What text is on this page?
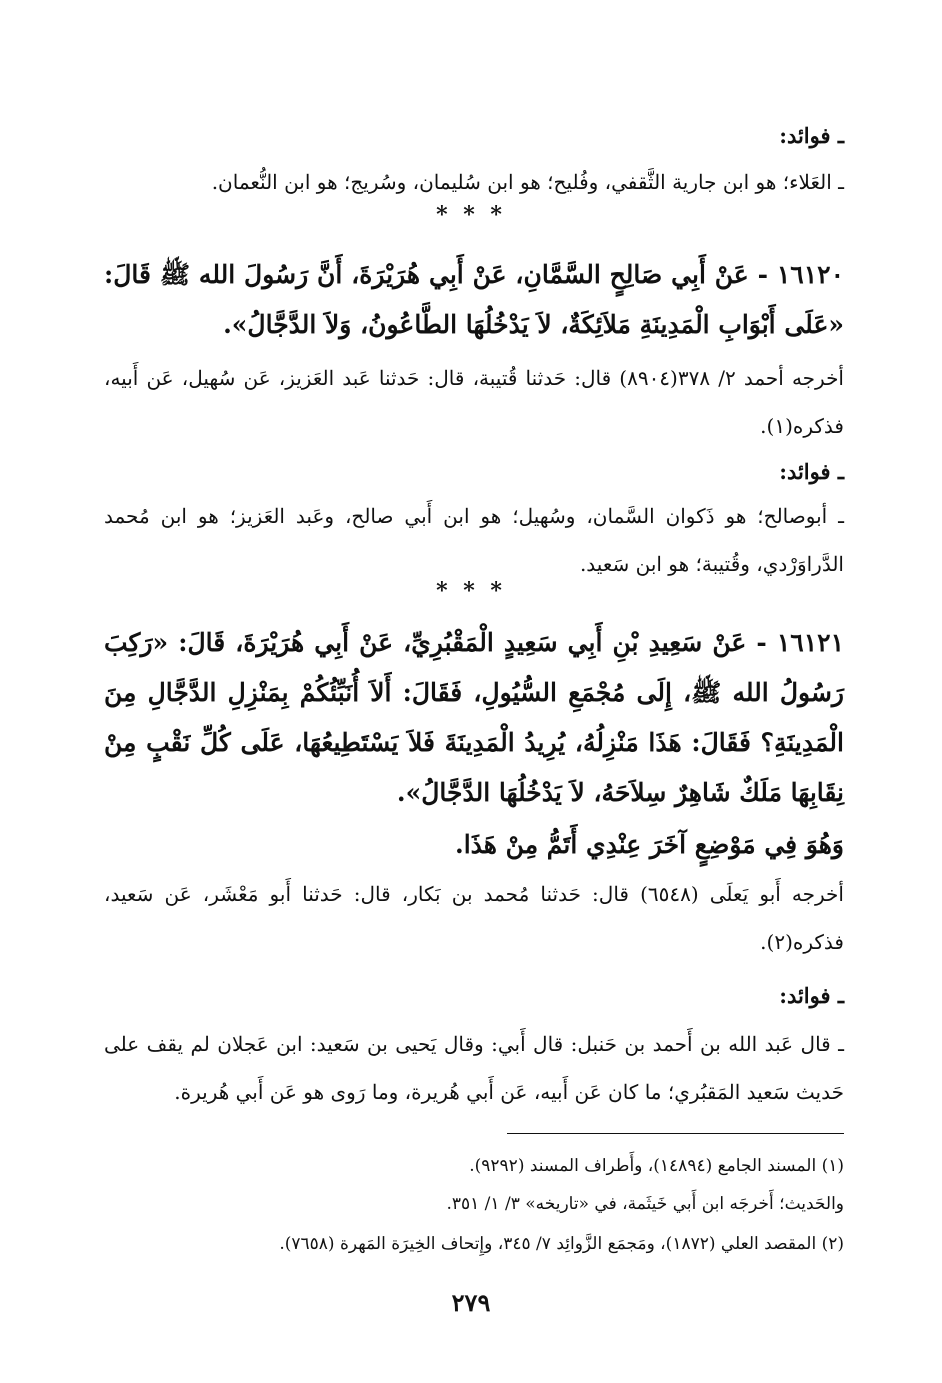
ـ فوائد:
ـ العَلاء؛ هو ابن جارية الثَّقفي، وفُليح؛ هو ابن سُليمان، وسُريج؛ هو ابن النُّعمان.
* * *
١٦١٢٠ - عَنْ أَبِي صَالِحٍ السَّمَّانِ، عَنْ أَبِي هُرَيْرَةَ، أَنَّ رَسُولَ الله ﷺ قَالَ: «عَلَى أَبْوَابِ الْمَدِينَةِ مَلاَئِكَةٌ، لاَ يَدْخُلُهَا الطَّاعُونُ، وَلاَ الدَّجَّالُ».
أخرجه أحمد ٢/ ٣٧٨(٨٩٠٤) قال: حَدثنا قُتيبة، قال: حَدثنا عَبد العَزيز، عَن سُهيل، عَن أَبيه، فذكره(١).
ـ فوائد:
ـ أبوصالح؛ هو ذَكوان السَّمان، وسُهيل؛ هو ابن أَبي صالح، وعَبد العَزيز؛ هو ابن مُحمد الدَّراوَرْدي، وقُتيبة؛ هو ابن سَعيد.
* * *
١٦١٢١ - عَنْ سَعِيدِ بْنِ أَبِي سَعِيدٍ الْمَقْبُرِيِّ، عَنْ أَبِي هُرَيْرَةَ، قَالَ: «رَكِبَ رَسُولُ الله ﷺ، إِلَى مُجْمَعِ السُّيُولِ، فَقَالَ: أَلاَ أُنَبِّئُكُمْ بِمَنْزِلِ الدَّجَّالِ مِنَ الْمَدِينَةِ؟ فَقَالَ: هَذَا مَنْزِلُهُ، يُرِيدُ الْمَدِينَةَ فَلاَ يَسْتَطِيعُهَا، عَلَى كُلِّ نَقْبٍ مِنْ نِقَابِهَا مَلَكٌ شَاهِرٌ سِلاَحَهُ، لاَ يَدْخُلُهَا الدَّجَّالُ».
وَهُوَ فِي مَوْضِعٍ آخَرَ عِنْدِي أَتَمُّ مِنْ هَذَا.
أخرجه أَبو يَعلَى (٦٥٤٨) قال: حَدثنا مُحمد بن بَكار، قال: حَدثنا أَبو مَعْشَر، عَن سَعيد، فذكره(٢).
ـ فوائد:
ـ قال عَبد الله بن أَحمد بن حَنبل: قال أَبي: وقال يَحيى بن سَعيد: ابن عَجلان لم يقف على حَديث سَعيد المَقبُري؛ ما كان عَن أَبيه، عَن أَبي هُريرة، وما رَوى هو عَن أَبي هُريرة.
(١) المسند الجامع (١٤٨٩٤)، وأَطراف المسند (٩٢٩٢).
والحَديث؛ أَخرجَه ابن أَبي خَيثَمة، في «تاريخه» ٣/ ١/ ٣٥١.
(٢) المقصد العلي (١٨٧٢)، ومَجمَع الزَّوائِد ٧/ ٣٤٥، وإِتحاف الخِيرَة المَهرة (٧٦٥٨).
٢٧٩
